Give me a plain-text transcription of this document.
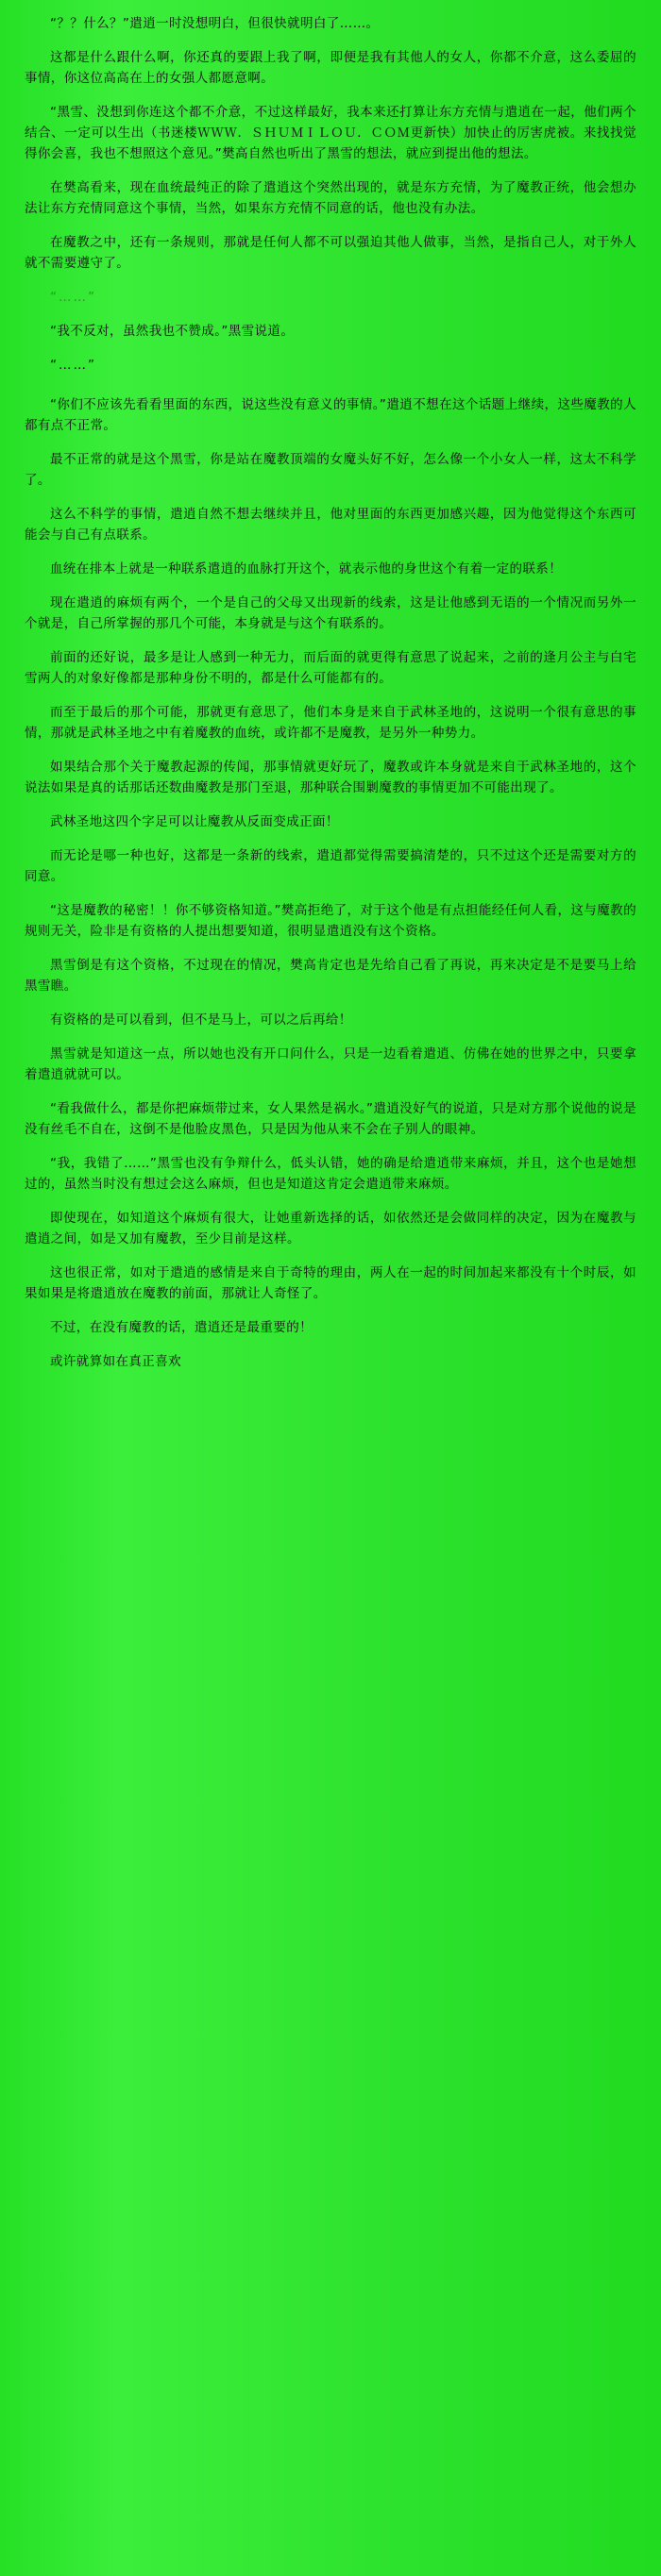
“？？什么？”遣逍一时没想明白，但很快就明白了……。

这都是什么跟什么啊，你还真的要跟上我了啊，即便是我有其他人的女人，你都不介意，这么委屈的事情，你这位高高在上的女强人都愿意啊。

“黑雪、没想到你连这个都不介意，不过这样最好，我本来还打算让东方充情与遣逍在一起，他们两个结合、一定可以生出（书迷楼ＷＷＷ．ＳＨＵＭＩＬＯＵ．ＣＯＭ更新快）加快止的厉害虎被。来找找觉得你会喜，我也不想照这个意见。”樊高自然也听出了黑雪的想法，就应到提出他的想法。

在樊高看来，现在血统最纯正的除了遣逍这个突然出现的，就是东方充情，为了魔教正统，他会想办法让东方充情同意这个事情，当然，如果东方充情不同意的话，他也没有办法。

在魔教之中，还有一条规则，那就是任何人都不可以强迫其他人做事，当然，是指自己人，对于外人就不需要遵守了。

“……”

“我不反对，虽然我也不赞成。”黑雪说道。

“……”

“你们不应该先看看里面的东西，说这些没有意义的事情。”遣逍不想在这个话题上继续，这些魔教的人都有点不正常。

最不正常的就是这个黑雪，你是站在魔教顶端的女魔头好不好，怎么像一个小女人一样，这太不科学了。

这么不科学的事情，遣逍自然不想去继续并且，他对里面的东西更加感兴趣，因为他觉得这个东西可能会与自己有点联系。

血统在排本上就是一种联系遣逍的血脉打开这个，就表示他的身世这个有着一定的联系！

现在遣逍的麻烦有两个，一个是自己的父母又出现新的线索，这是让他感到无语的一个情况而另外一个就是，自己所掌握的那几个可能，本身就是与这个有联系的。

前面的还好说，最多是让人感到一种无力，而后面的就更得有意思了说起来，之前的逢月公主与白宅雪两人的对象好像都是那种身份不明的，都是什么可能都有的。

而至于最后的那个可能，那就更有意思了，他们本身是来自于武林圣地的，这说明一个很有意思的事情，那就是武林圣地之中有着魔教的血统，或许都不是魔教，是另外一种势力。

如果结合那个关于魔教起源的传闻，那事情就更好玩了，魔教或许本身就是来自于武林圣地的，这个说法如果是真的话那话还数曲魔教是那门至退，那种联合围剿魔教的事情更加不可能出现了。

武林圣地这四个字足可以让魔教从反面变成正面！

而无论是哪一种也好，这都是一条新的线索，遣逍都觉得需要搞清楚的，只不过这个还是需要对方的同意。

“这是魔教的秘密！！你不够资格知道。”樊高拒绝了，对于这个他是有点担能经任何人看，这与魔教的规则无关，险非是有资格的人提出想要知道，很明显遣逍没有这个资格。

黑雪倒是有这个资格，不过现在的情况，樊高肯定也是先给自己看了再说，再来决定是不是要马上给黑雪瞧。

有资格的是可以看到，但不是马上，可以之后再给！

黑雪就是知道这一点，所以她也没有开口问什么，只是一边看着遣逍、仿佛在她的世界之中，只要拿着遣逍就就可以。

“看我做什么，都是你把麻烦带过来，女人果然是祸水。”遣逍没好气的说道，只是对方那个说他的说是没有丝毛不自在，这倒不是他脸皮黑色，只是因为他从来不会在子别人的眼神。

“我，我错了……”黑雪也没有争辩什么，低头认错，她的确是给遣逍带来麻烦，并且，这个也是她想过的，虽然当时没有想过会这么麻烦，但也是知道这肯定会遣逍带来麻烦。

即使现在，如知道这个麻烦有很大，让她重新选择的话，如依然还是会做同样的决定，因为在魔教与遣逍之间，如是又加有魔教，至少目前是这样。

这也很正常，如对于遣逍的感情是来自于奇特的理由，两人在一起的时间加起来都没有十个时辰，如果如果是将遣逍放在魔教的前面，那就让人奇怪了。

不过，在没有魔教的话，遣逍还是最重要的！

或许就算如在真正喜欢
